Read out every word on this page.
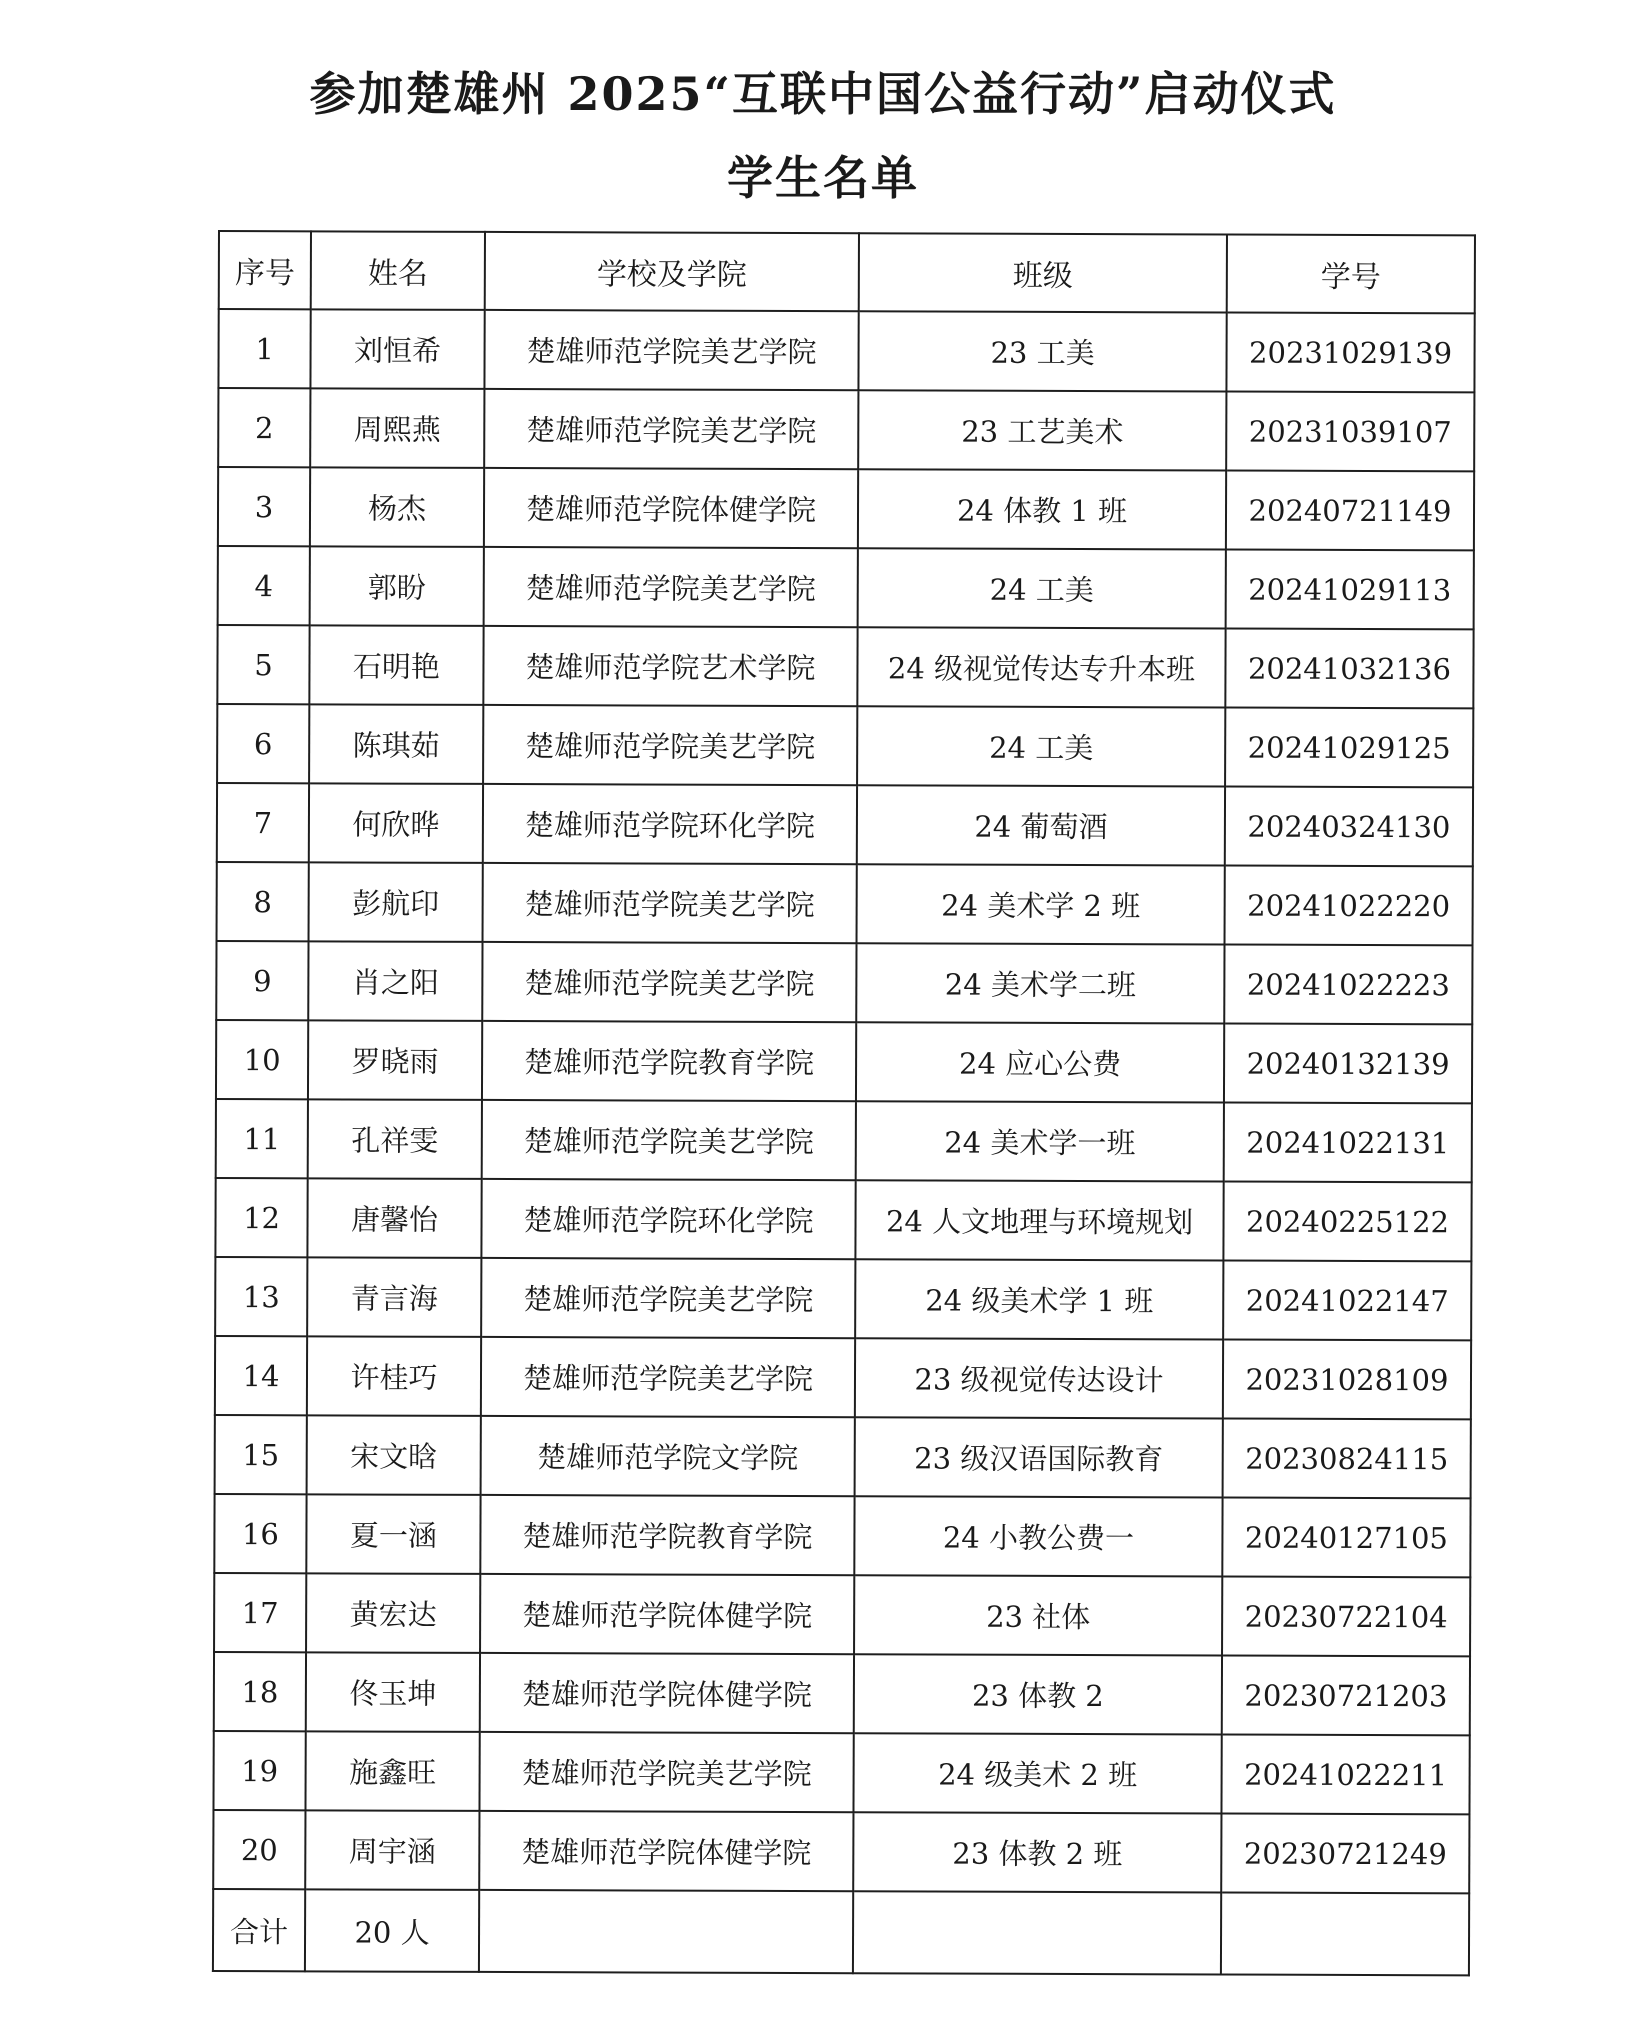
参加楚雄州 2025“互联中国公益行动”启动仪式
学生名单
序号	姓名	学校及学院	班级	学号
1	刘恒希	楚雄师范学院美艺学院	23 工美	20231029139
2	周熙燕	楚雄师范学院美艺学院	23 工艺美术	20231039107
3	杨杰	楚雄师范学院体健学院	24 体教 1 班	20240721149
4	郭盼	楚雄师范学院美艺学院	24 工美	20241029113
5	石明艳	楚雄师范学院艺术学院	24 级视觉传达专升本班	20241032136
6	陈琪茹	楚雄师范学院美艺学院	24 工美	20241029125
7	何欣晔	楚雄师范学院环化学院	24 葡萄酒	20240324130
8	彭航印	楚雄师范学院美艺学院	24 美术学 2 班	20241022220
9	肖之阳	楚雄师范学院美艺学院	24 美术学二班	20241022223
10	罗晓雨	楚雄师范学院教育学院	24 应心公费	20240132139
11	孔祥雯	楚雄师范学院美艺学院	24 美术学一班	20241022131
12	唐馨怡	楚雄师范学院环化学院	24 人文地理与环境规划	20240225122
13	青言海	楚雄师范学院美艺学院	24 级美术学 1 班	20241022147
14	许桂巧	楚雄师范学院美艺学院	23 级视觉传达设计	20231028109
15	宋文晗	楚雄师范学院文学院	23 级汉语国际教育	20230824115
16	夏一涵	楚雄师范学院教育学院	24 小教公费一	20240127105
17	黄宏达	楚雄师范学院体健学院	23 社体	20230722104
18	佟玉坤	楚雄师范学院体健学院	23 体教 2	20230721203
19	施鑫旺	楚雄师范学院美艺学院	24 级美术 2 班	20241022211
20	周宇涵	楚雄师范学院体健学院	23 体教 2 班	20230721249
合计	20 人			
